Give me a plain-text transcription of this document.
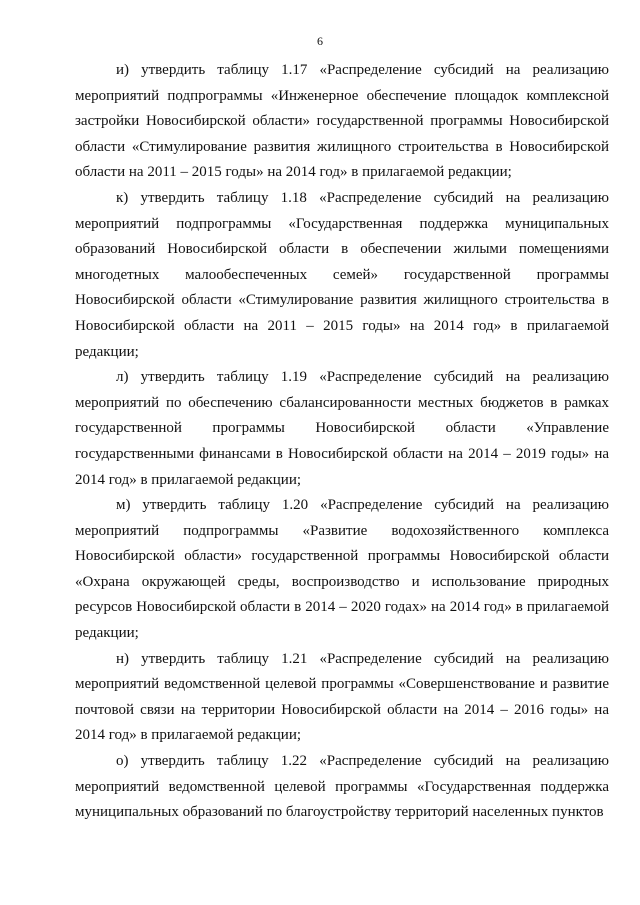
6

и) утвердить таблицу 1.17 «Распределение субсидий на реализацию мероприятий подпрограммы «Инженерное обеспечение площадок комплексной застройки Новосибирской области» государственной программы Новосибирской области «Стимулирование развития жилищного строительства в Новосибирской области на 2011 – 2015 годы» на 2014 год» в прилагаемой редакции;

к) утвердить таблицу 1.18 «Распределение субсидий на реализацию мероприятий подпрограммы «Государственная поддержка муниципальных образований Новосибирской области в обеспечении жилыми помещениями многодетных малообеспеченных семей» государственной программы Новосибирской области «Стимулирование развития жилищного строительства в Новосибирской области на 2011 – 2015 годы» на 2014 год» в прилагаемой редакции;

л) утвердить таблицу 1.19 «Распределение субсидий на реализацию мероприятий по обеспечению сбалансированности местных бюджетов в рамках государственной программы Новосибирской области «Управление государственными финансами в Новосибирской области на 2014 – 2019 годы» на 2014 год» в прилагаемой редакции;

м) утвердить таблицу 1.20 «Распределение субсидий на реализацию мероприятий подпрограммы «Развитие водохозяйственного комплекса Новосибирской области» государственной программы Новосибирской области «Охрана окружающей среды, воспроизводство и использование природных ресурсов Новосибирской области в 2014 – 2020 годах» на 2014 год» в прилагаемой редакции;

н) утвердить таблицу 1.21 «Распределение субсидий на реализацию мероприятий ведомственной целевой программы «Совершенствование и развитие почтовой связи на территории Новосибирской области на 2014 – 2016 годы» на 2014 год» в прилагаемой редакции;

о) утвердить таблицу 1.22 «Распределение субсидий на реализацию мероприятий ведомственной целевой программы «Государственная поддержка муниципальных образований по благоустройству территорий населенных пунктов
